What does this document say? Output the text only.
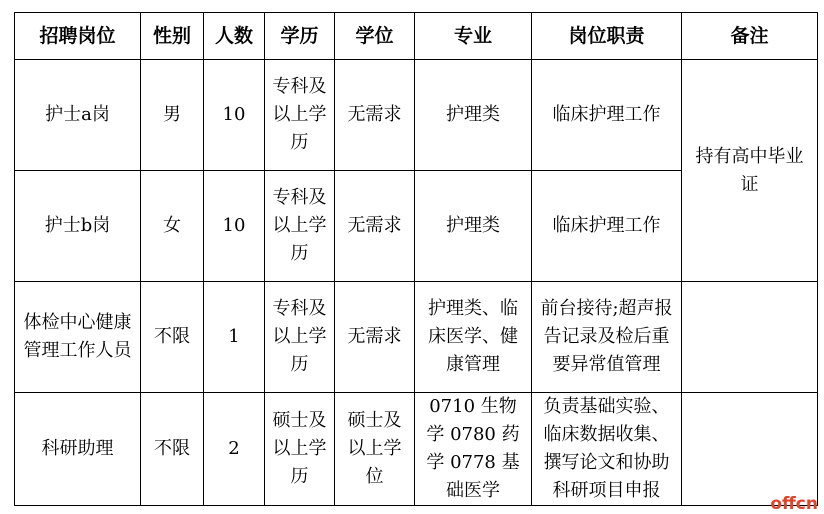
招聘岗位	性别	人数	学历	学位	专业	岗位职责	备注
护士a岗	男	10	专科及以上学历	无需求	护理类	临床护理工作	持有高中毕业证
护士b岗	女	10	专科及以上学历	无需求	护理类	临床护理工作	
体检中心健康管理工作人员	不限	1	专科及以上学历	无需求	护理类、临床医学、健康管理	前台接待;超声报告记录及检后重要异常值管理	
科研助理	不限	2	硕士及以上学历	硕士及以上学位	0710 生物学 0780 药学 0778 基础医学	负责基础实验、临床数据收集、撰写论文和协助科研项目申报	
offcn
